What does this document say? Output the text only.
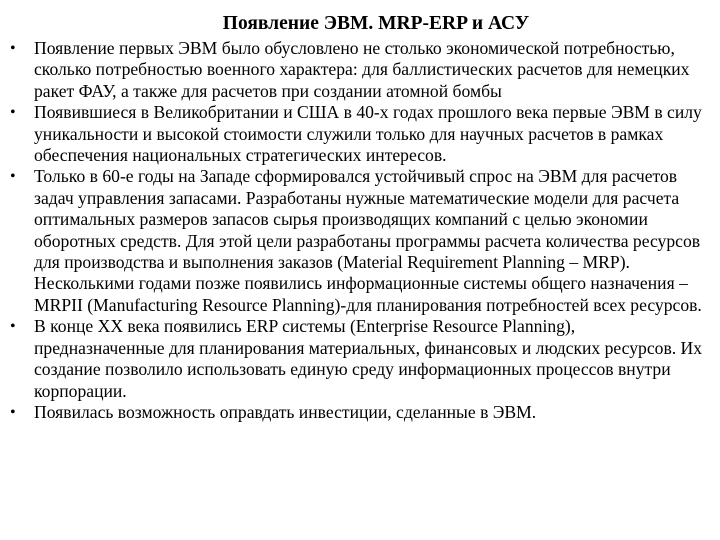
Появление ЭВМ. MRP-ERP и АСУ
• Появление первых ЭВМ было обусловлено не столько экономической потребностью, сколько потребностью военного характера: для баллистических расчетов для немецких ракет ФАУ, а также для расчетов при создании атомной бомбы
• Появившиеся в Великобритании и США в 40-х годах прошлого века первые ЭВМ в силу уникальности и высокой стоимости служили только для научных расчетов в рамках обеспечения национальных стратегических интересов.
• Только в 60-е годы на Западе сформировался устойчивый спрос на ЭВМ для расчетов задач управления запасами. Разработаны нужные математические модели для расчета оптимальных размеров запасов сырья производящих компаний с целью экономии оборотных средств. Для этой цели разработаны программы расчета количества ресурсов для производства и выполнения заказов (Material Requirement Planning – MRP). Несколькими годами позже появились информационные системы общего назначения –MRPII (Manufacturing Resource Planning)-для планирования потребностей всех ресурсов.
• В конце XX века появились ERP системы (Enterprise Resource Planning), предназначенные для планирования материальных, финансовых и людских ресурсов. Их создание позволило использовать единую среду информационных процессов внутри корпорации.
• Появилась возможность оправдать инвестиции, сделанные в ЭВМ.
